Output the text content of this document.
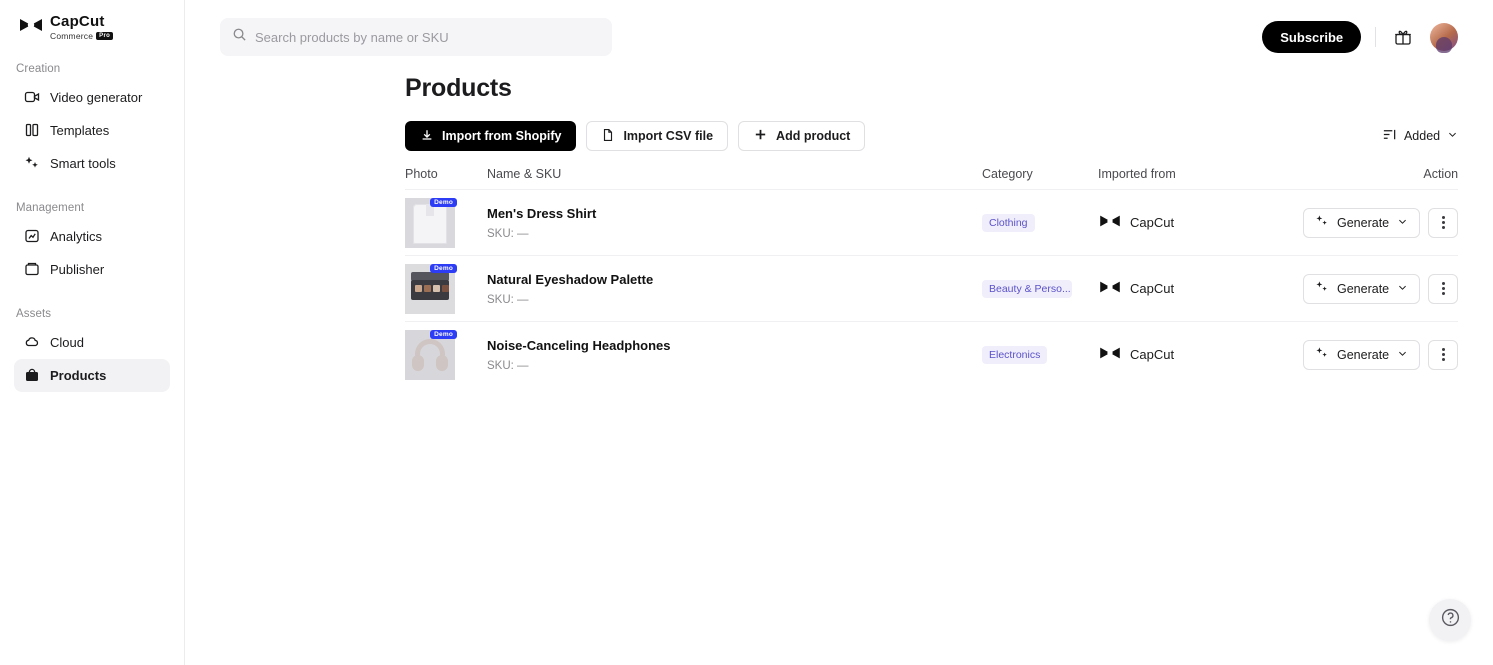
CapCut
Commerce	Pro
Creation
Video generator
Templates
Smart tools
Management
Analytics
Publisher
Assets
Cloud
Products
Search products by name or SKU
Subscribe
Products
Import from Shopify	Import CSV file	Add product	Added
Photo	Name & SKU	Category	Imported from	Action
Demo
Men's Dress Shirt
SKU: —
Clothing	CapCut	Generate
Demo
Natural Eyeshadow Palette
SKU: —
Beauty & Perso...	CapCut	Generate
Demo
Noise-Canceling Headphones
SKU: —
Electronics	CapCut	Generate
